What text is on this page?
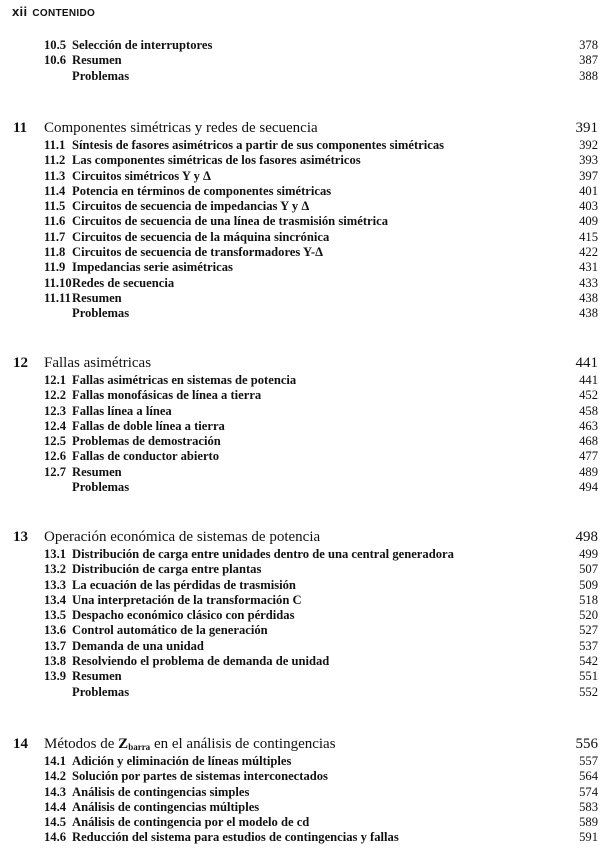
xii CONTENIDO
10.5 Selección de interruptores	378
10.6 Resumen	387
Problemas	388
11 Componentes simétricas y redes de secuencia	391
11.1 Síntesis de fasores asimétricos a partir de sus componentes simétricas	392
11.2 Las componentes simétricas de los fasores asimétricos	393
11.3 Circuitos simétricos Y y Δ	397
11.4 Potencia en términos de componentes simétricas	401
11.5 Circuitos de secuencia de impedancias Y y Δ	403
11.6 Circuitos de secuencia de una línea de trasmisión simétrica	409
11.7 Circuitos de secuencia de la máquina sincrónica	415
11.8 Circuitos de secuencia de transformadores Y-Δ	422
11.9 Impedancias serie asimétricas	431
11.10 Redes de secuencia	433
11.11 Resumen	438
Problemas	438
12 Fallas asimétricas	441
12.1 Fallas asimétricas en sistemas de potencia	441
12.2 Fallas monofásicas de línea a tierra	452
12.3 Fallas línea a línea	458
12.4 Fallas de doble línea a tierra	463
12.5 Problemas de demostración	468
12.6 Fallas de conductor abierto	477
12.7 Resumen	489
Problemas	494
13 Operación económica de sistemas de potencia	498
13.1 Distribución de carga entre unidades dentro de una central generadora	499
13.2 Distribución de carga entre plantas	507
13.3 La ecuación de las pérdidas de trasmisión	509
13.4 Una interpretación de la transformación C	518
13.5 Despacho económico clásico con pérdidas	520
13.6 Control automático de la generación	527
13.7 Demanda de una unidad	537
13.8 Resolviendo el problema de demanda de unidad	542
13.9 Resumen	551
Problemas	552
14 Métodos de $Z_{barra}$ en el análisis de contingencias	556
14.1 Adición y eliminación de líneas múltiples	557
14.2 Solución por partes de sistemas interconectados	564
14.3 Análisis de contingencias simples	574
14.4 Análisis de contingencias múltiples	583
14.5 Análisis de contingencia por el modelo de cd	589
14.6 Reducción del sistema para estudios de contingencias y fallas	591
